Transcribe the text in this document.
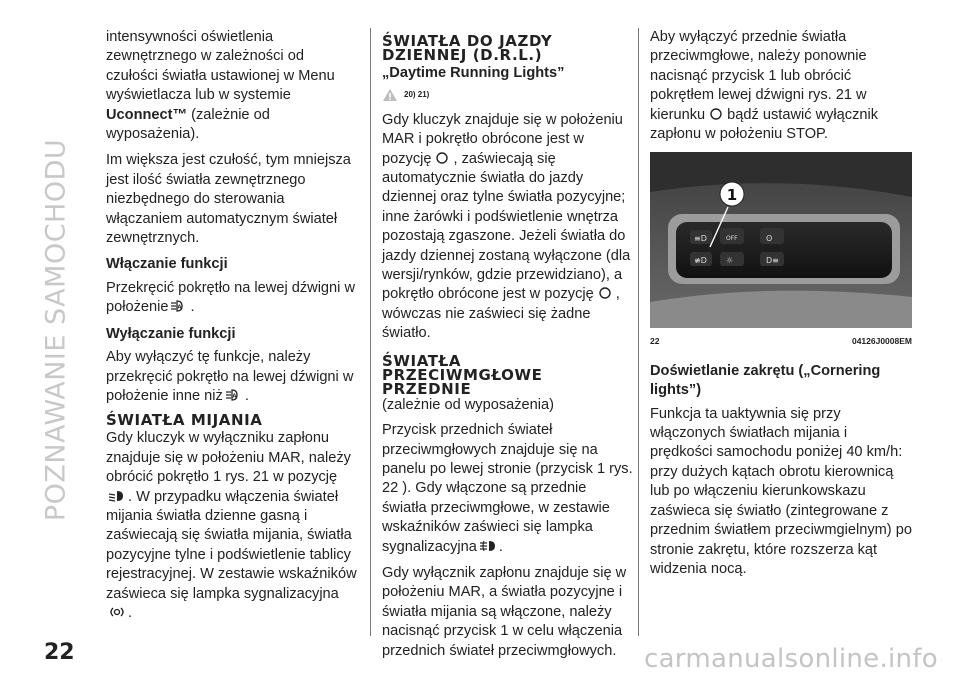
POZNAWANIE SAMOCHODU

intensywności oświetlenia zewnętrznego w zależności od czułości światła ustawionej w Menu wyświetlacza lub w systemie Uconnect™ (zależnie od wyposażenia).

Im większa jest czułość, tym mniejsza jest ilość światła zewnętrznego niezbędnego do sterowania włączaniem automatycznym świateł zewnętrznych.

Włączanie funkcji

Przekręcić pokrętło na lewej dźwigni w położenie A .

Wyłączanie funkcji

Aby wyłączyć tę funkcje, należy przekręcić pokrętło na lewej dźwigni w położenie inne niż A .

ŚWIATŁA MIJANIA

Gdy kluczyk w wyłączniku zapłonu znajduje się w położeniu MAR, należy obrócić pokrętło 1 rys. 21 w pozycję
. W przypadku włączenia świateł mijania światła dzienne gasną i zaświecają się światła mijania, światła pozycyjne tylne i podświetlenie tablicy rejestracyjnej. W zestawie wskaźników zaświeca się lampka sygnalizacyjna
.

ŚWIATŁA DO JAZDY

DZIENNEJ (D.R.L.)

„Daytime Running Lights”

20) 21)

Gdy kluczyk znajduje się w położeniu MAR i pokrętło obrócone jest w pozycję , zaświecają się automatycznie światła do jazdy dziennej oraz tylne światła pozycyjne; inne żarówki i podświetlenie wnętrza pozostają zgaszone. Jeżeli światła do jazdy dziennej zostaną wyłączone (dla wersji/rynków, gdzie przewidziano), a pokrętło obrócone jest w pozycję , wówczas nie zaświeci się żadne światło.

ŚWIATŁA

PRZECIWMGŁOWE

PRZEDNIE

(zależnie od wyposażenia)

Przycisk przednich świateł przeciwmgłowych znajduje się na panelu po lewej stronie (przycisk 1 rys. 22 ). Gdy włączone są przednie światła przeciwmgłowe, w zestawie wskaźników zaświeci się lampka sygnalizacyjna .

Gdy wyłącznik zapłonu znajduje się w położeniu MAR, a światła pozycyjne i światła mijania są włączone, należy nacisnąć przycisk 1 w celu włączenia przednich świateł przeciwmgłowych.

Aby wyłączyć przednie światła przeciwmgłowe, należy ponownie nacisnąć przycisk 1 lub obrócić pokrętłem lewej dźwigni rys. 21 w kierunku bądź ustawić wyłącznik zapłonu w położeniu STOP.

≡D	OFF	ʘ
≢D ☼	D≡
1
22	04126J0008EM

Doświetlanie zakrętu („Cornering lights”)

Funkcja ta uaktywnia się przy włączonych światłach mijania i prędkości samochodu poniżej 40 km/h: przy dużych kątach obrotu kierownicą lub po włączeniu kierunkowskazu zaświeca się światło (zintegrowane z przednim światłem przeciwmgielnym) po stronie zakrętu, które rozszerza kąt widzenia nocą.

22	carmanualsonline.info
